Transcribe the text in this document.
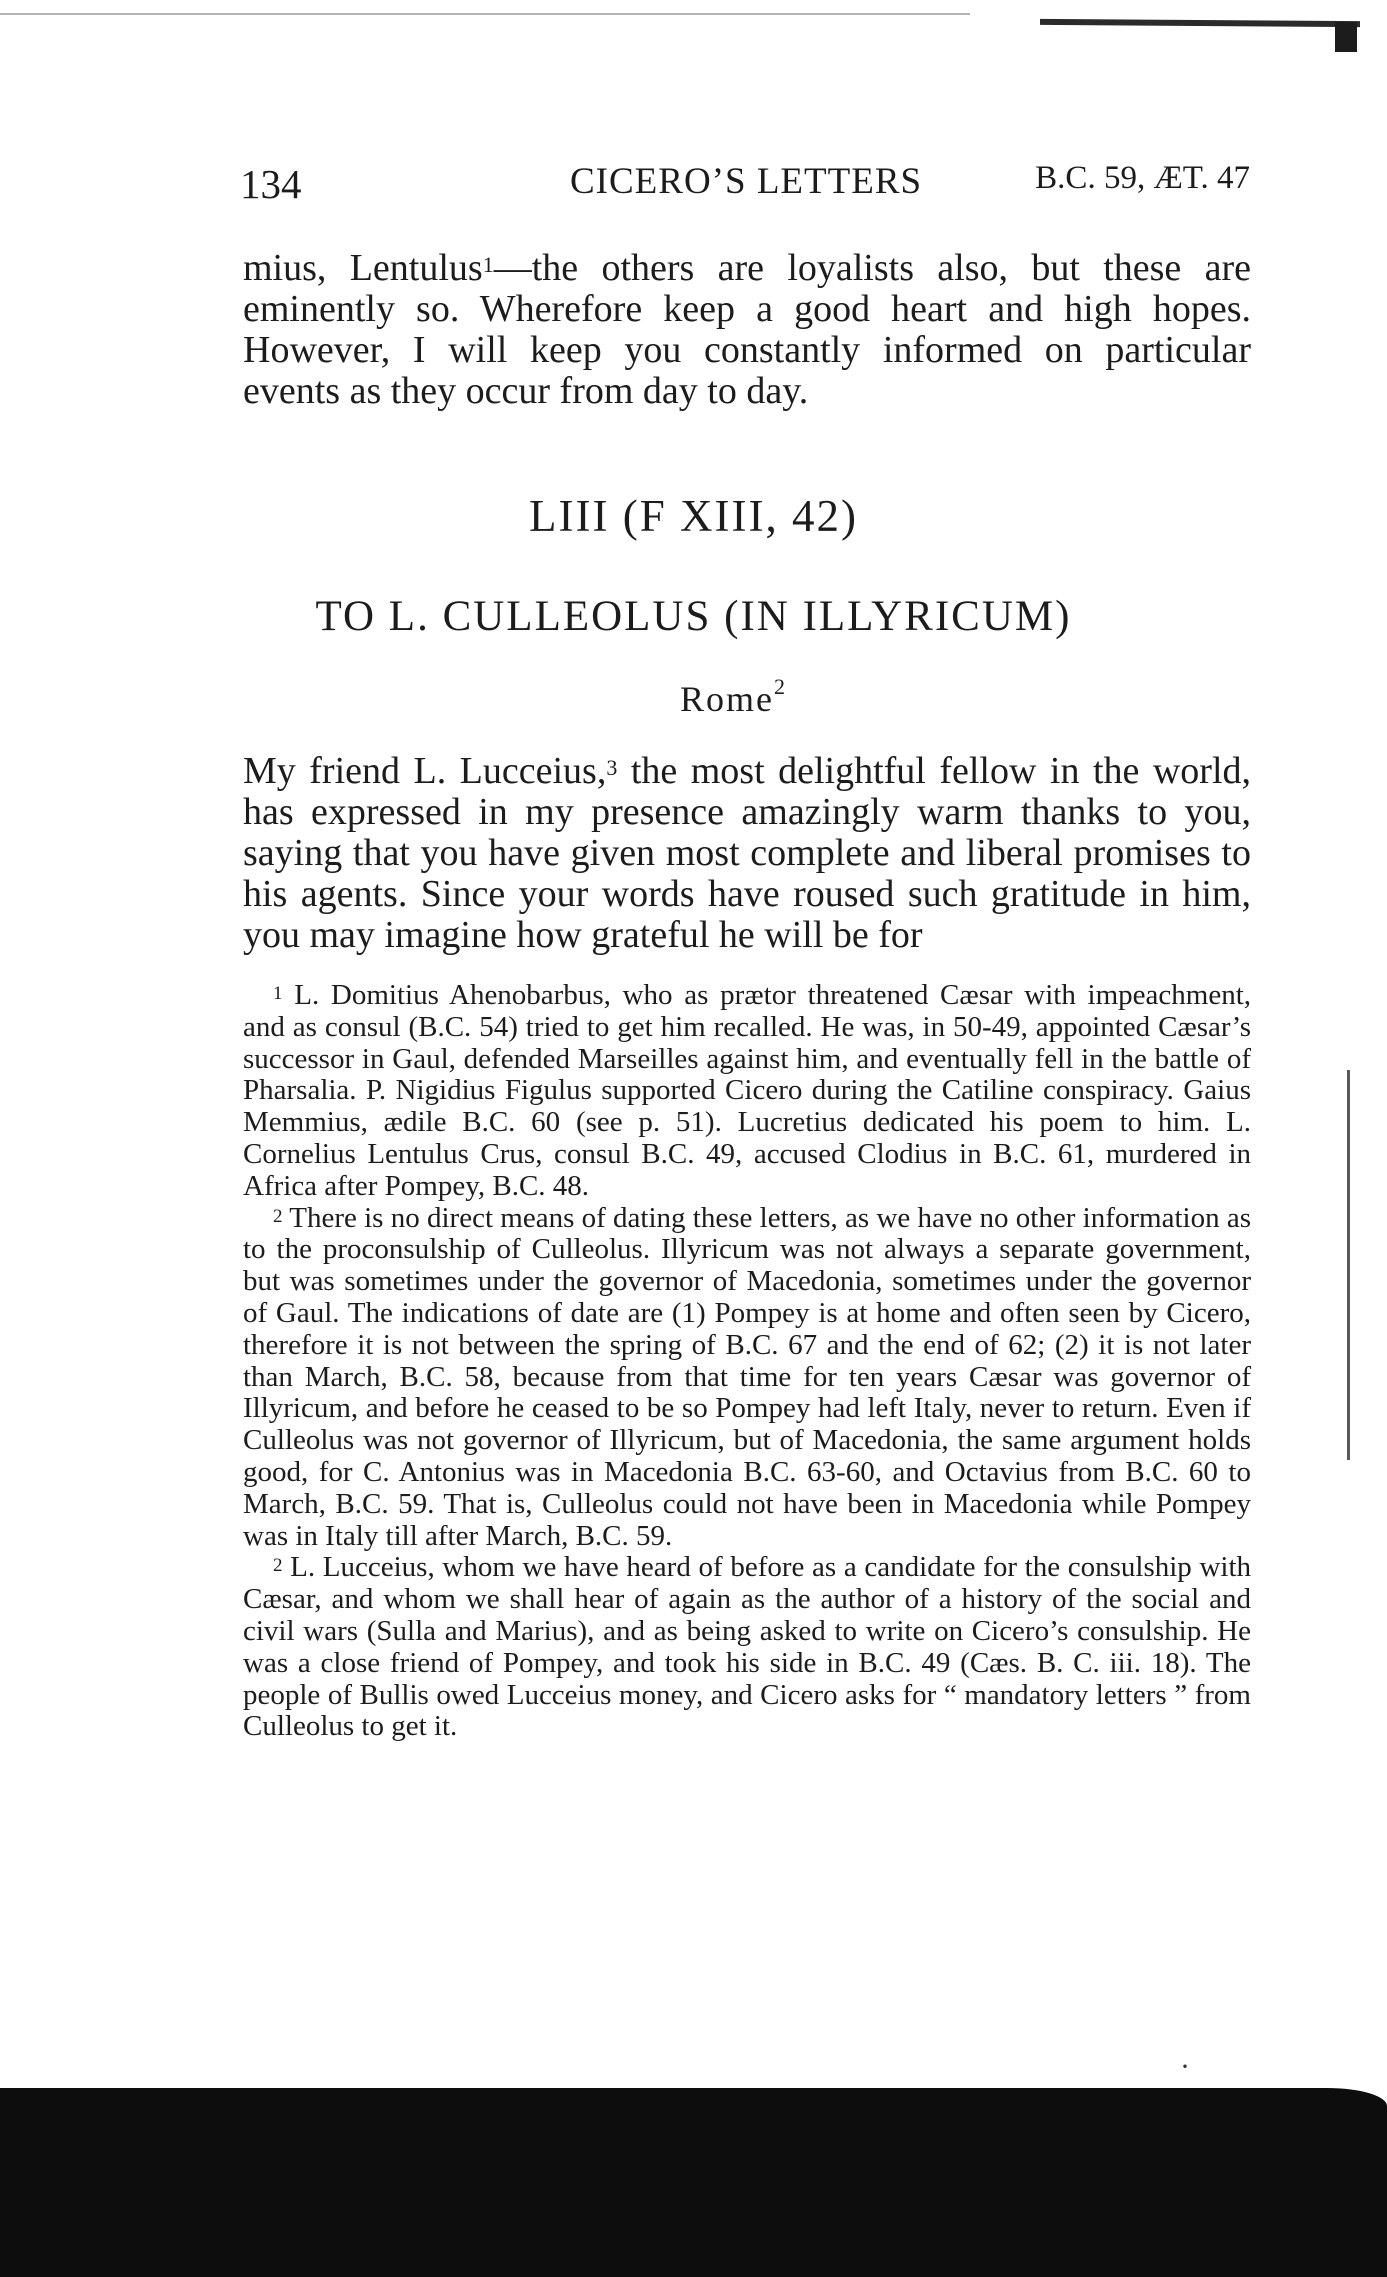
134	CICERO’S LETTERS	B.C. 59, ÆT. 47

mius, Lentulus$^1$—the others are loyalists also, but these are eminently so. Wherefore keep a good heart and high hopes. However, I will keep you constantly informed on particular events as they occur from day to day.

LIII (F XIII, 42)
TO L. CULLEOLUS (IN ILLYRICUM)

Rome$^2$

My friend L. Lucceius,$^3$ the most delightful fellow in the world, has expressed in my presence amazingly warm thanks to you, saying that you have given most complete and liberal promises to his agents. Since your words have roused such gratitude in him, you may imagine how grateful he will be for

$^1$ L. Domitius Ahenobarbus, who as prætor threatened Cæsar with impeachment, and as consul (B.C. 54) tried to get him recalled. He was, in 50-49, appointed Cæsar’s successor in Gaul, defended Marseilles against him, and eventually fell in the battle of Pharsalia. P. Nigidius Figulus supported Cicero during the Catiline conspiracy. Gaius Memmius, ædile B.C. 60 (see p. 51). Lucretius dedicated his poem to him. L. Cornelius Lentulus Crus, consul B.C. 49, accused Clodius in B.C. 61, murdered in Africa after Pompey, B.C. 48.

$^2$ There is no direct means of dating these letters, as we have no other information as to the proconsulship of Culleolus. Illyricum was not always a separate government, but was sometimes under the governor of Macedonia, sometimes under the governor of Gaul. The indications of date are (1) Pompey is at home and often seen by Cicero, therefore it is not between the spring of B.C. 67 and the end of 62; (2) it is not later than March, B.C. 58, because from that time for ten years Cæsar was governor of Illyricum, and before he ceased to be so Pompey had left Italy, never to return. Even if Culleolus was not governor of Illyricum, but of Macedonia, the same argument holds good, for C. Antonius was in Macedonia B.C. 63-60, and Octavius from B.C. 60 to March, B.C. 59. That is, Culleolus could not have been in Macedonia while Pompey was in Italy till after March, B.C. 59.

$^2$ L. Lucceius, whom we have heard of before as a candidate for the consulship with Cæsar, and whom we shall hear of again as the author of a history of the social and civil wars (Sulla and Marius), and as being asked to write on Cicero’s consulship. He was a close friend of Pompey, and took his side in B.C. 49 (Cæs. B. C. iii. 18). The people of Bullis owed Lucceius money, and Cicero asks for “ mandatory letters ” from Culleolus to get it.

·
